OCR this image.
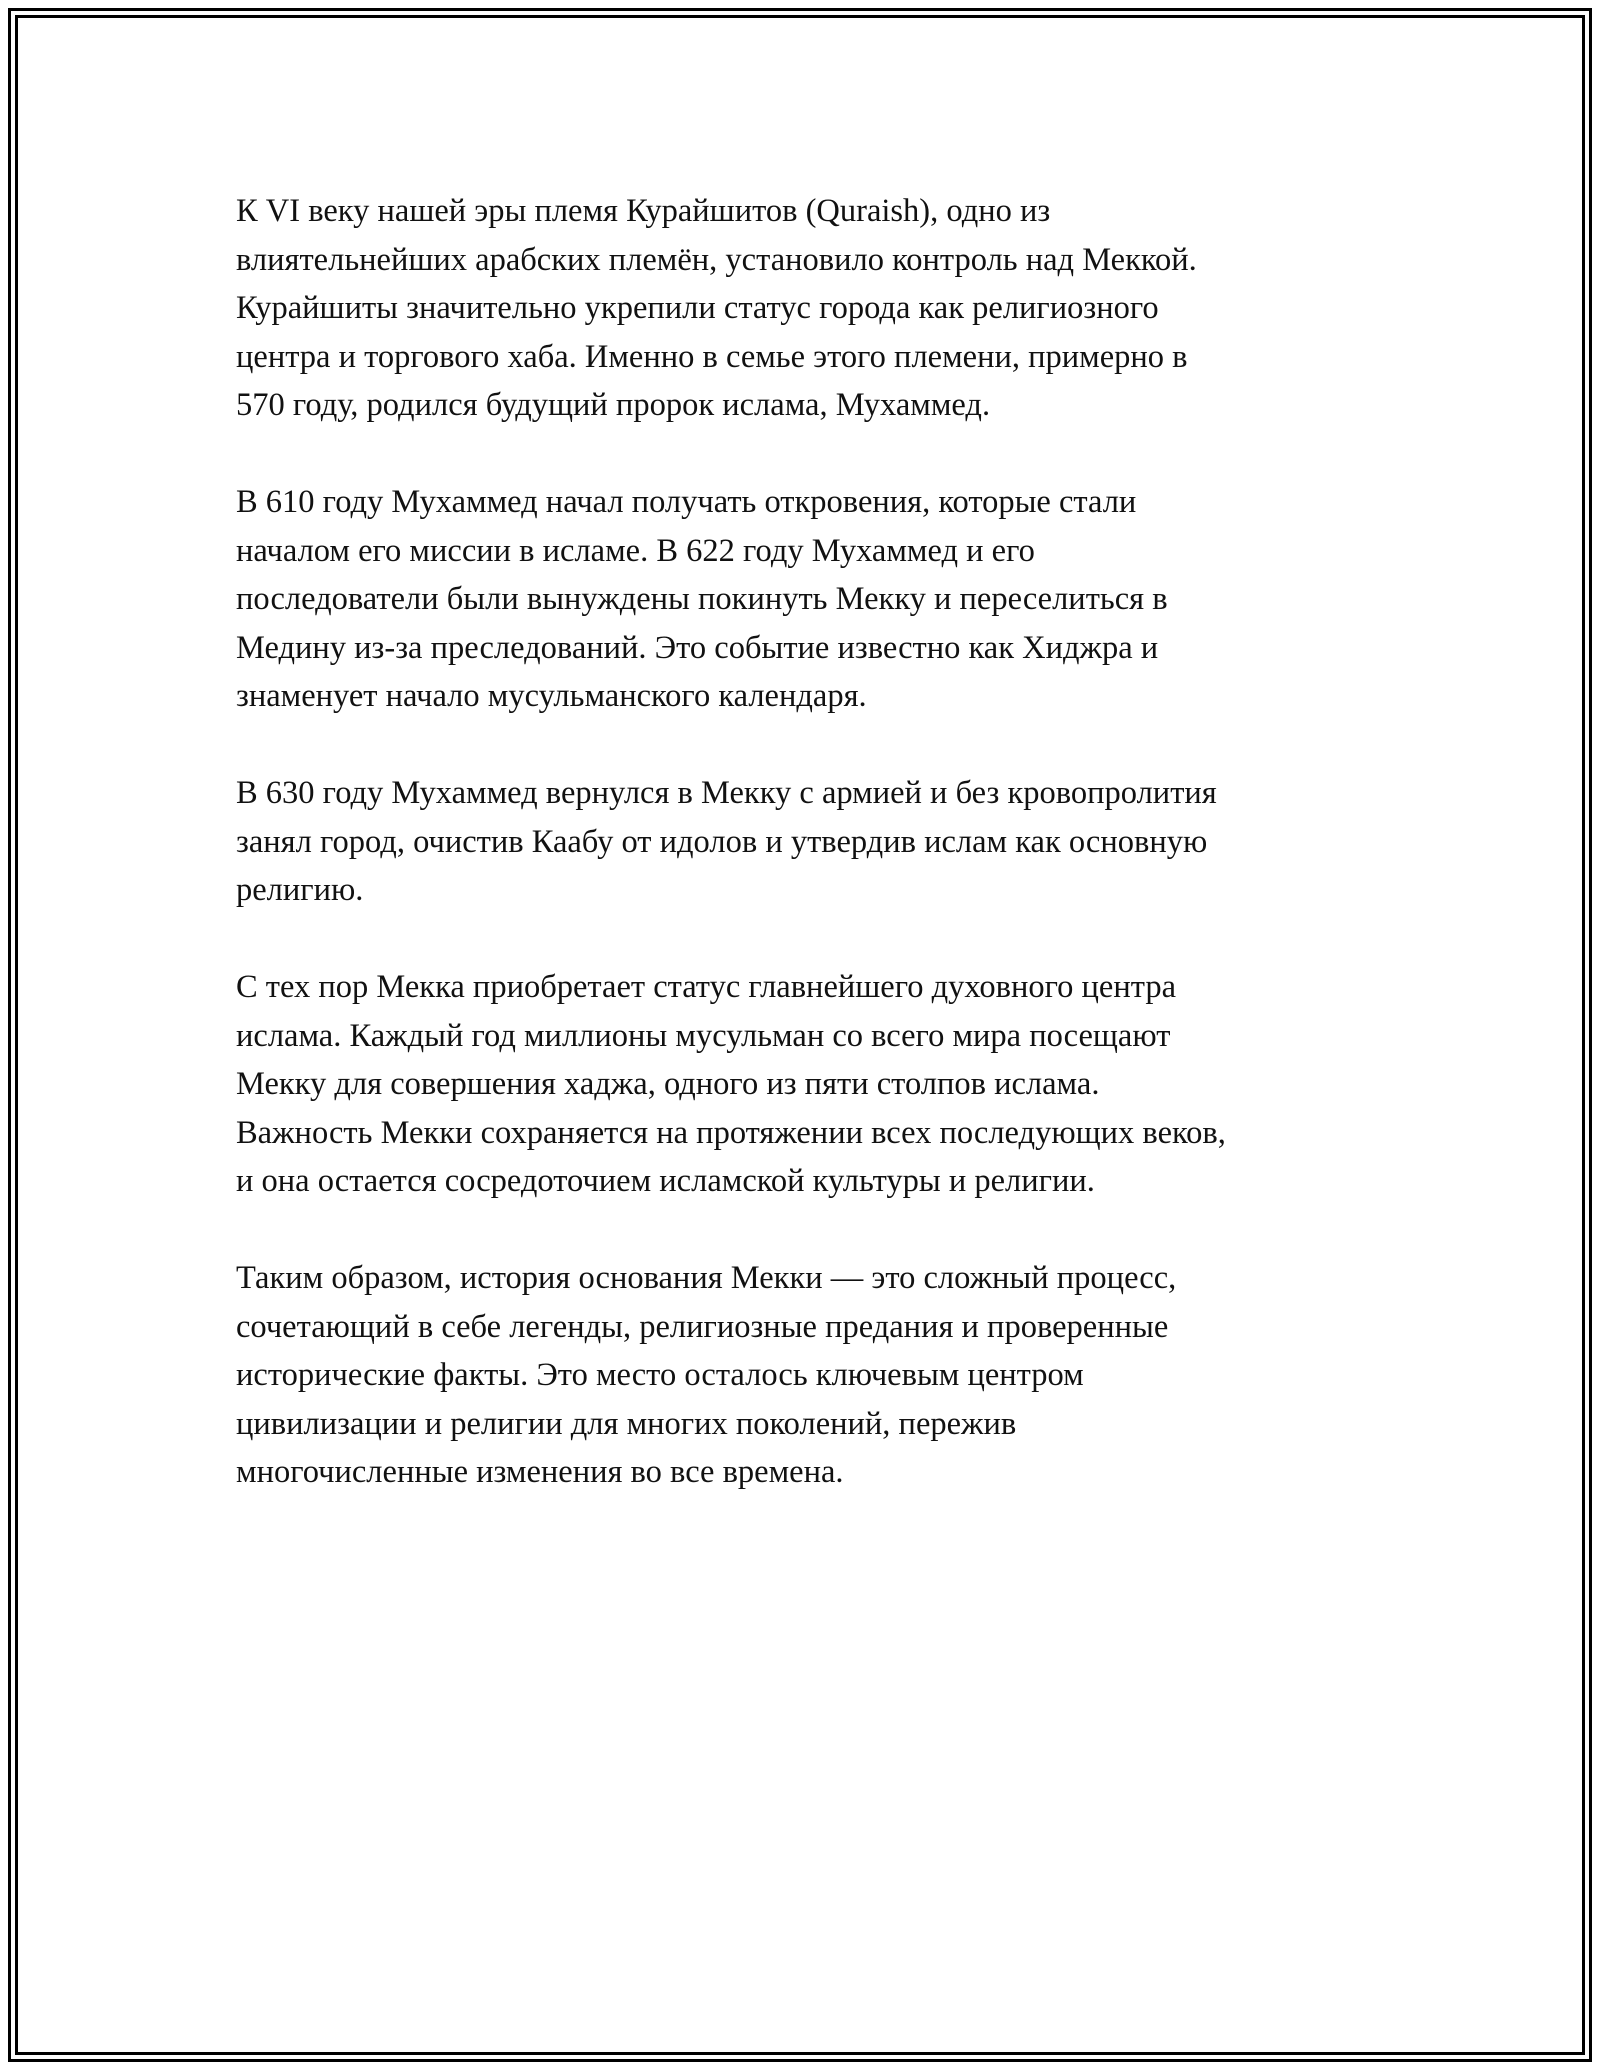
К VI веку нашей эры племя Курайшитов (Quraish), одно из
влиятельнейших арабских племён, установило контроль над Меккой.
Курайшиты значительно укрепили статус города как религиозного
центра и торгового хаба. Именно в семье этого племени, примерно в
570 году, родился будущий пророк ислама, Мухаммед.

В 610 году Мухаммед начал получать откровения, которые стали
началом его миссии в исламе. В 622 году Мухаммед и его
последователи были вынуждены покинуть Мекку и переселиться в
Медину из-за преследований. Это событие известно как Хиджра и
знаменует начало мусульманского календаря.

В 630 году Мухаммед вернулся в Мекку с армией и без кровопролития
занял город, очистив Каабу от идолов и утвердив ислам как основную
религию.

С тех пор Мекка приобретает статус главнейшего духовного центра
ислама. Каждый год миллионы мусульман со всего мира посещают
Мекку для совершения хаджа, одного из пяти столпов ислама.
Важность Мекки сохраняется на протяжении всех последующих веков,
и она остается сосредоточием исламской культуры и религии.

Таким образом, история основания Мекки — это сложный процесс,
сочетающий в себе легенды, религиозные предания и проверенные
исторические факты. Это место осталось ключевым центром
цивилизации и религии для многих поколений, пережив
многочисленные изменения во все времена.
